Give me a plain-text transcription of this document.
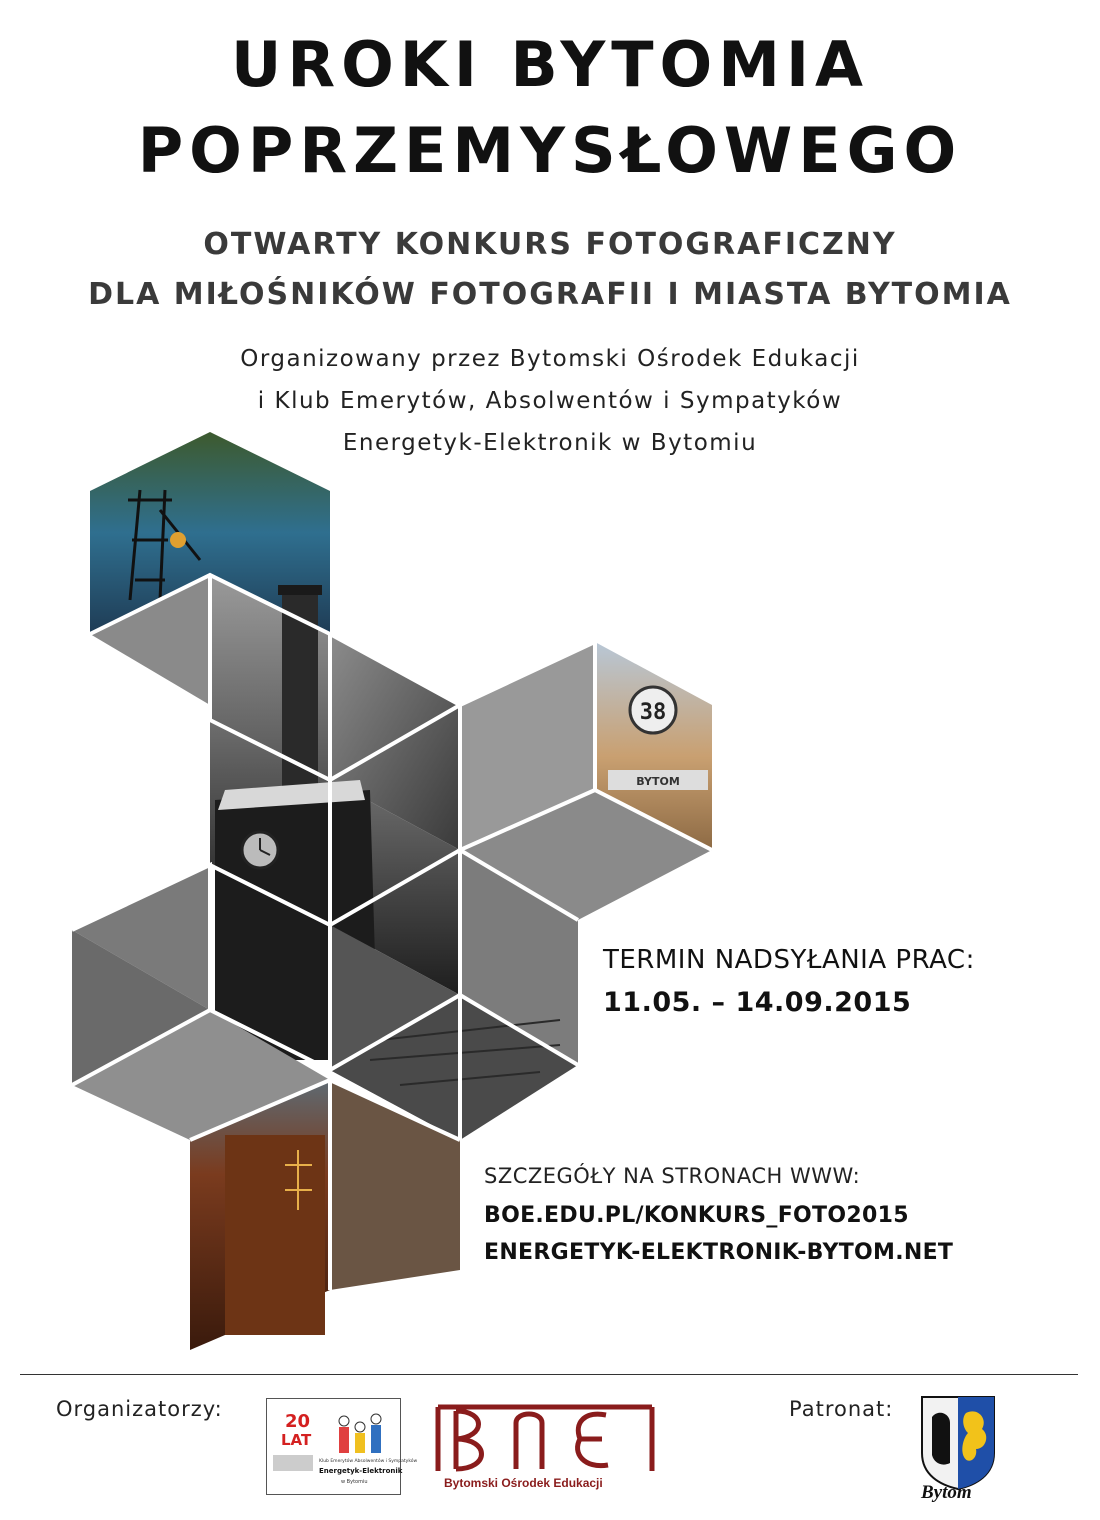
UROKI BYTOMIA
POPRZEMYSŁOWEGO
OTWARTY KONKURS FOTOGRAFICZNY
DLA MIŁOŚNIKÓW FOTOGRAFII I MIASTA BYTOMIA
Organizowany przez Bytomski Ośrodek Edukacji
i Klub Emerytów, Absolwentów i Sympatyków
Energetyk-Elektronik w Bytomiu
38
BYTOM
TERMIN NADSYŁANIA PRAC:
11.05. – 14.09.2015
SZCZEGÓŁY NA STRONACH WWW:
BOE.EDU.PL/KONKURS_FOTO2015
ENERGETYK-ELEKTRONIK-BYTOM.NET
Organizatorzy:	Patronat:
20
LAT
Klub Emerytów Absolwentów i Sympatyków
Energetyk-Elektronik
w Bytomiu	Bytomski Ośrodek Edukacji	Bytom
